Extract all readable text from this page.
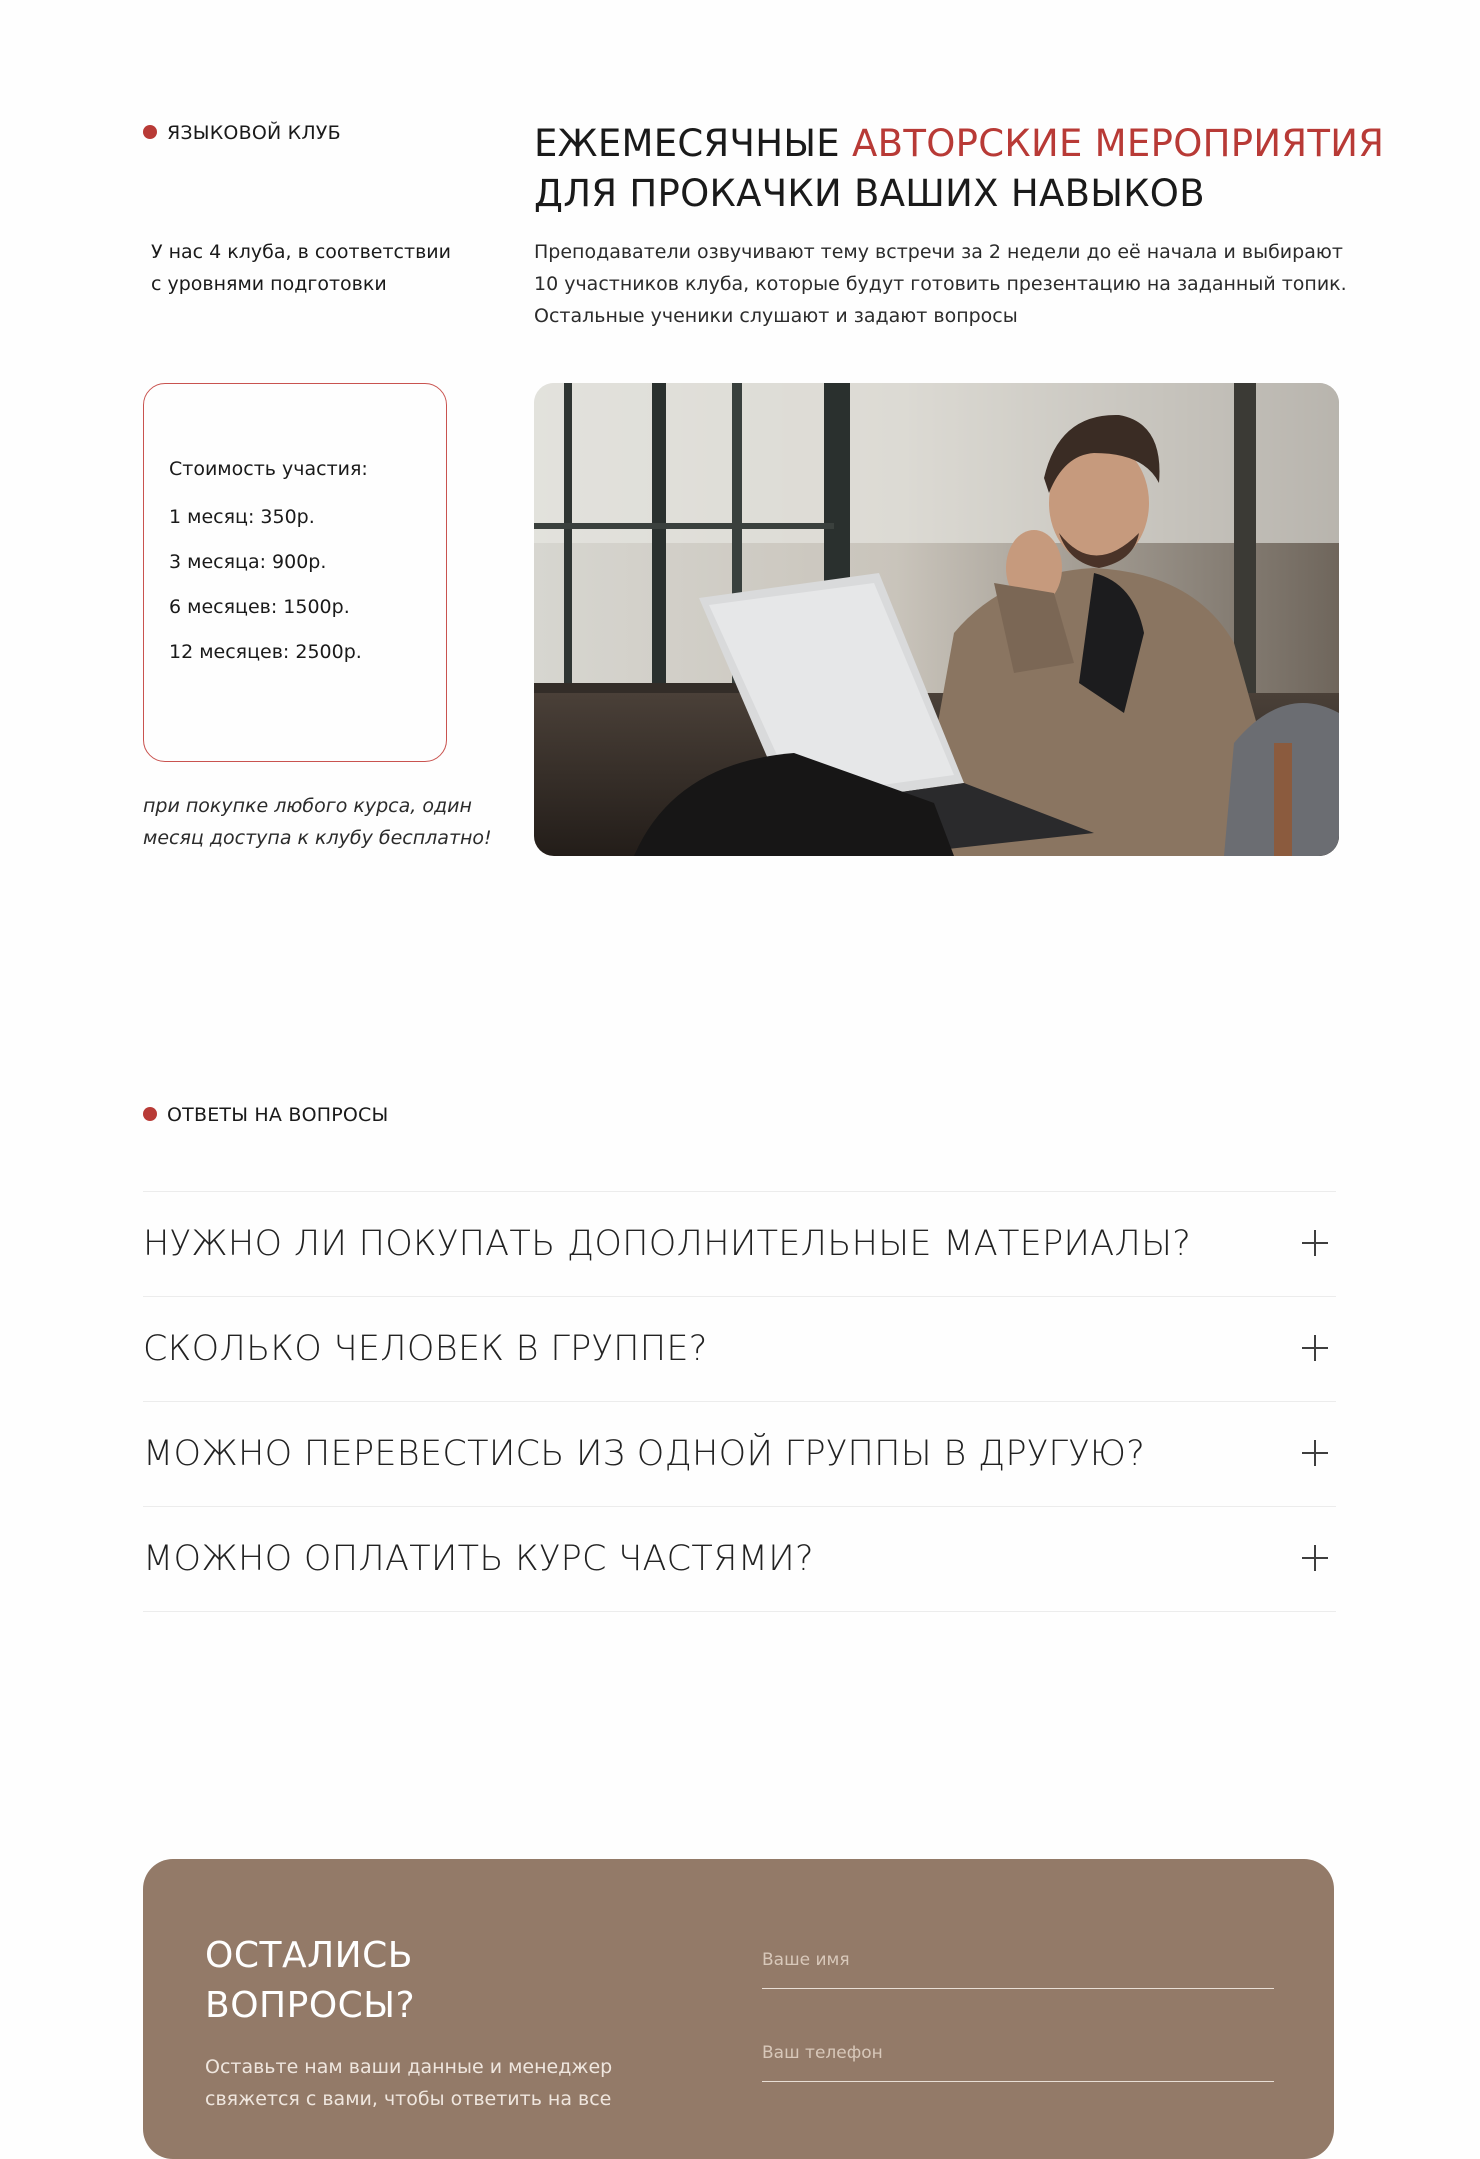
ЯЗЫКОВОЙ КЛУБ	ЕЖЕМЕСЯЧНЫЕ АВТОРСКИЕ МЕРОПРИЯТИЯ
ДЛЯ ПРОКАЧКИ ВАШИХ НАВЫКОВ
У нас 4 клуба, в соответствии
с уровнями подготовки
Преподаватели озвучивают тему встречи за 2 недели до её начала и выбирают
10 участников клуба, которые будут готовить презентацию на заданный топик.
Остальные ученики слушают и задают вопросы
Стоимость участия:
1 месяц: 350р.
3 месяца: 900р.
6 месяцев: 1500р.
12 месяцев: 2500р.
при покупке любого курса, один
месяц доступа к клубу бесплатно!
ОТВЕТЫ НА ВОПРОСЫ
НУЖНО ЛИ ПОКУПАТЬ ДОПОЛНИТЕЛЬНЫЕ МАТЕРИАЛЫ?
СКОЛЬКО ЧЕЛОВЕК В ГРУППЕ?
МОЖНО ПЕРЕВЕСТИСЬ ИЗ ОДНОЙ ГРУППЫ В ДРУГУЮ?
МОЖНО ОПЛАТИТЬ КУРС ЧАСТЯМИ?
ОСТАЛИСЬ
ВОПРОСЫ?
Оставьте нам ваши данные и менеджер
свяжется с вами, чтобы ответить на все
Ваше имя
Ваш телефон
